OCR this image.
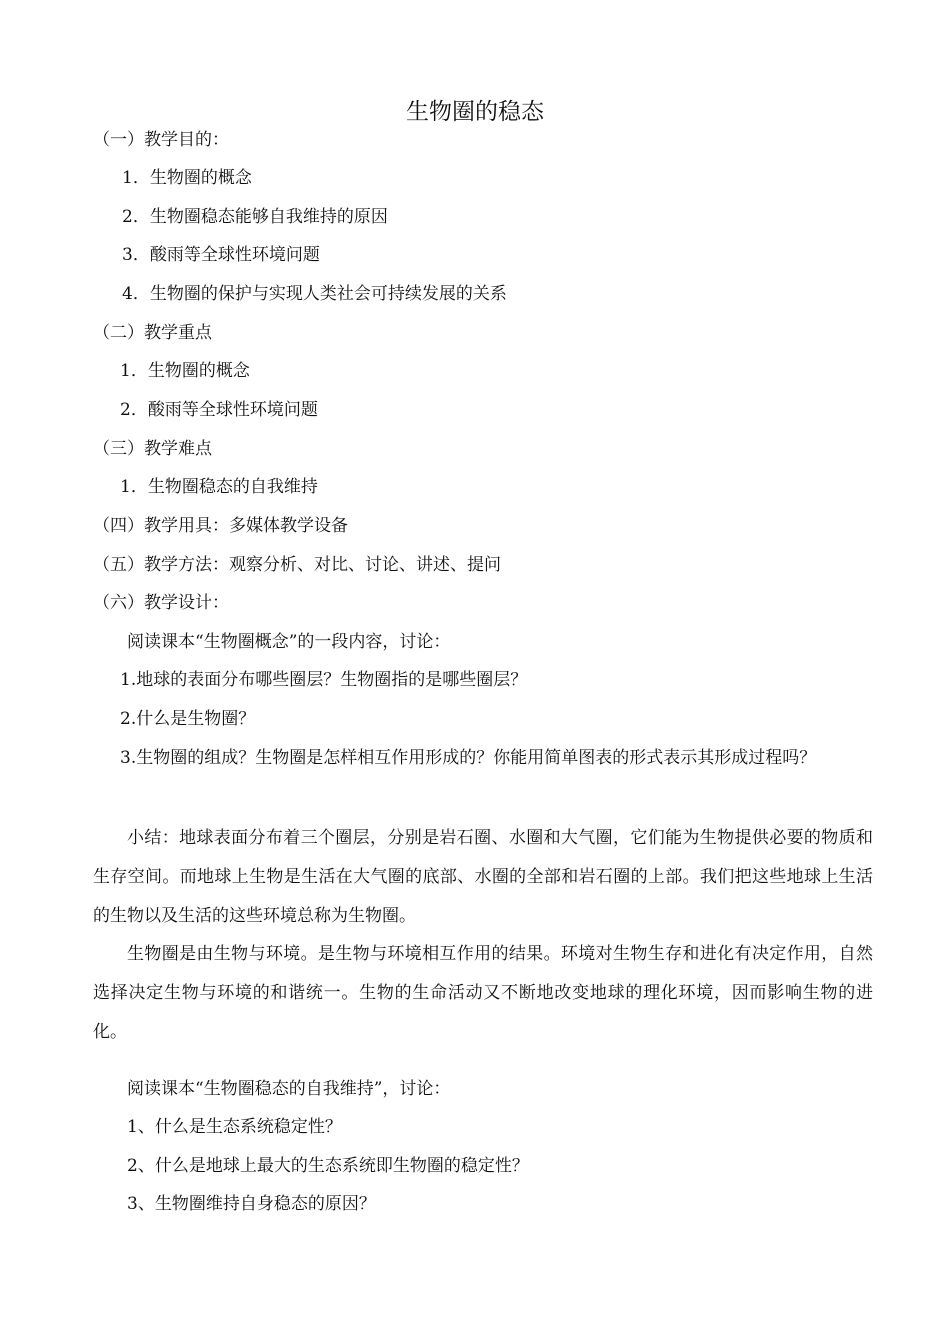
生物圈的稳态
（一）教学目的：
1．生物圈的概念
2．生物圈稳态能够自我维持的原因
3．酸雨等全球性环境问题
4．生物圈的保护与实现人类社会可持续发展的关系
（二）教学重点
1．生物圈的概念
2．酸雨等全球性环境问题
（三）教学难点
1．生物圈稳态的自我维持
（四）教学用具：多媒体教学设备
（五）教学方法：观察分析、对比、讨论、讲述、提问
（六）教学设计：
阅读课本“生物圈概念”的一段内容，讨论：
1.地球的表面分布哪些圈层？生物圈指的是哪些圈层？
2.什么是生物圈？
3.生物圈的组成？生物圈是怎样相互作用形成的？你能用简单图表的形式表示其形成过程吗？
小结：地球表面分布着三个圈层，分别是岩石圈、水圈和大气圈，它们能为生物提供必要的物质和生存空间。而地球上生物是生活在大气圈的底部、水圈的全部和岩石圈的上部。我们把这些地球上生活的生物以及生活的这些环境总称为生物圈。
生物圈是由生物与环境。是生物与环境相互作用的结果。环境对生物生存和进化有决定作用，自然选择决定生物与环境的和谐统一。生物的生命活动又不断地改变地球的理化环境，因而影响生物的进化。
阅读课本“生物圈稳态的自我维持”，讨论：
1、什么是生态系统稳定性？
2、什么是地球上最大的生态系统即生物圈的稳定性？
3、生物圈维持自身稳态的原因？
